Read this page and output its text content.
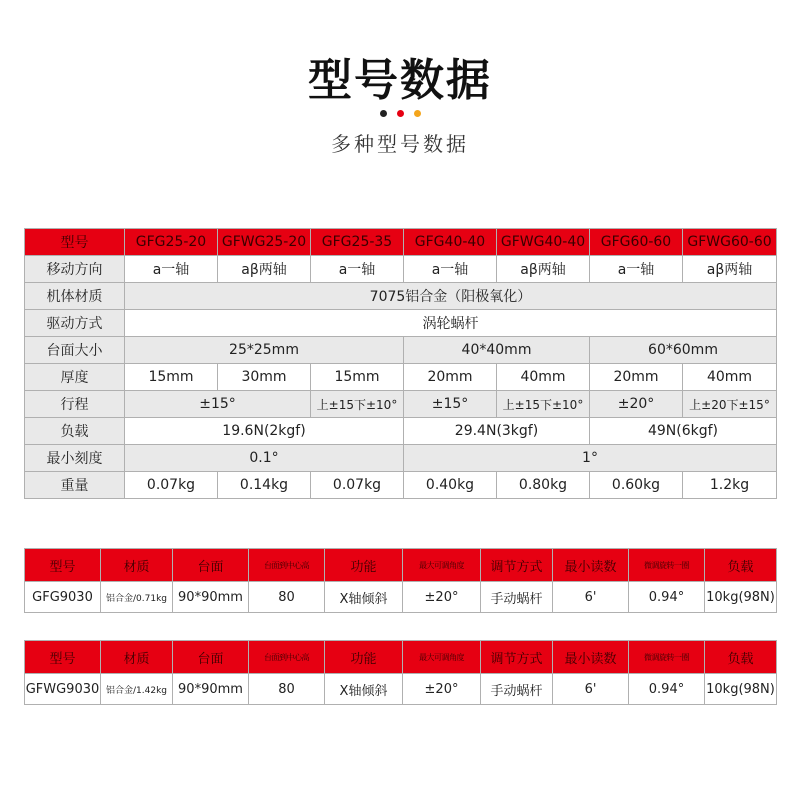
型号数据

多种型号数据
型号	GFG25-20	GFWG25-20	GFG25-35	GFG40-40	GFWG40-40	GFG60-60	GFWG60-60
移动方向	a一轴	aβ两轴	a一轴	a一轴	aβ两轴	a一轴	aβ两轴
机体材质	7075铝合金（阳极氧化）						
驱动方式	涡轮蜗杆						
台面大小	25*25mm			40*40mm		60*60mm	
厚度	15mm	30mm	15mm	20mm	40mm	20mm	40mm
行程	±15°		上±15下±10°	±15°	上±15下±10°	±20°	上±20下±15°
负载	19.6N(2kgf)			29.4N(3kgf)		49N(6kgf)	
最小刻度	0.1°			1°			
重量	0.07kg	0.14kg	0.07kg	0.40kg	0.80kg	0.60kg	1.2kg
型号	材质	台面	台面到中心高	功能	最大可调角度	调节方式	最小读数	微调旋转一圈	负载
GFG9030	铝合金/0.71kg	90*90mm	80	X轴倾斜	±20°	手动蜗杆	6'	0.94°	10kg(98N)
型号	材质	台面	台面到中心高	功能	最大可调角度	调节方式	最小读数	微调旋转一圈	负载
GFWG9030	铝合金/1.42kg	90*90mm	80	X轴倾斜	±20°	手动蜗杆	6'	0.94°	10kg(98N)
